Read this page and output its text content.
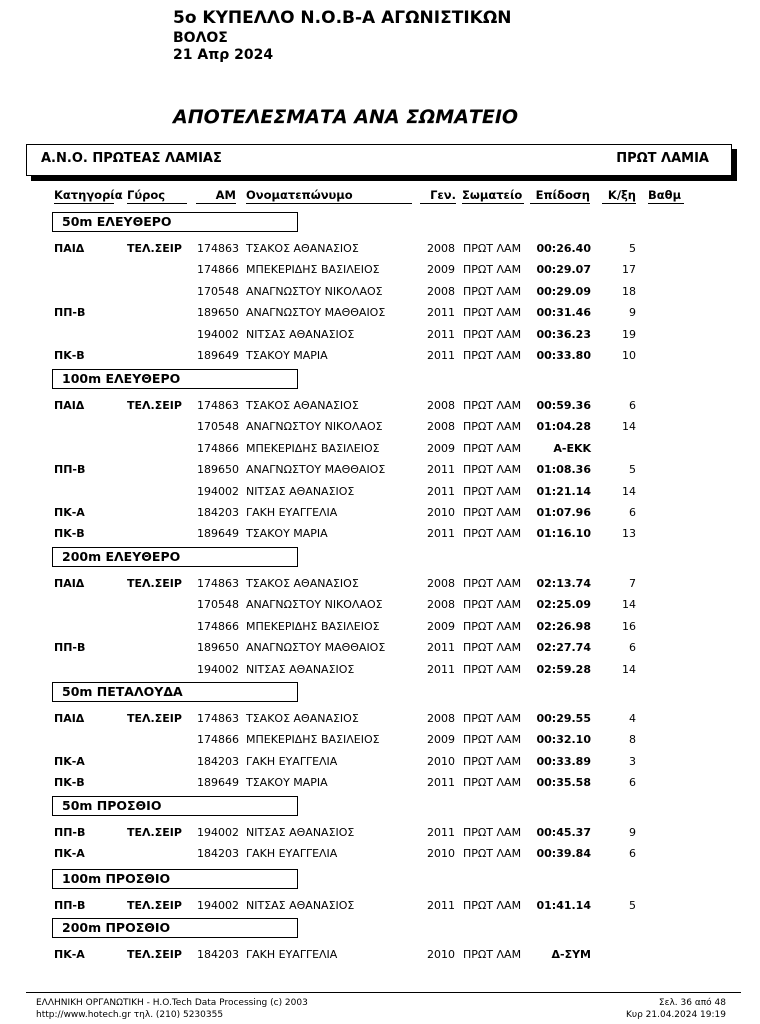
5ο ΚΥΠΕΛΛΟ Ν.Ο.Β-Α ΑΓΩΝΙΣΤΙΚΩΝ
ΒΟΛΟΣ
21 Απρ 2024
ΑΠΟΤΕΛΕΣΜΑΤΑ ΑΝΑ ΣΩΜΑΤΕΙΟ
Α.Ν.Ο. ΠΡΩΤΕΑΣ ΛΑΜΙΑΣ	ΠΡΩΤ ΛΑΜΙΑ
Κατηγορία Γύρος	ΑΜ Ονοματεπώνυμο	Γεν. Σωματείο	Επίδοση	Κ/ξη Βαθμ
50m ΕΛΕΥΘΕΡΟ
ΠΑΙΔ	ΤΕΛ.ΣΕΙΡ 174863 ΤΣΑΚΟΣ ΑΘΑΝΑΣΙΟΣ	2008 ΠΡΩΤ ΛΑΜ 00:26.40	5
174866 ΜΠΕΚΕΡΙΔΗΣ ΒΑΣΙΛΕΙΟΣ	2009 ΠΡΩΤ ΛΑΜ 00:29.07	17
170548 ΑΝΑΓΝΩΣΤΟΥ ΝΙΚΟΛΑΟΣ	2008 ΠΡΩΤ ΛΑΜ 00:29.09	18
ΠΠ-Β	189650 ΑΝΑΓΝΩΣΤΟΥ ΜΑΘΘΑΙΟΣ	2011 ΠΡΩΤ ΛΑΜ 00:31.46	9
194002 ΝΙΤΣΑΣ ΑΘΑΝΑΣΙΟΣ	2011 ΠΡΩΤ ΛΑΜ 00:36.23	19
ΠΚ-Β	189649 ΤΣΑΚΟΥ ΜΑΡΙΑ	2011 ΠΡΩΤ ΛΑΜ 00:33.80	10
100m ΕΛΕΥΘΕΡΟ
ΠΑΙΔ	ΤΕΛ.ΣΕΙΡ 174863 ΤΣΑΚΟΣ ΑΘΑΝΑΣΙΟΣ	2008 ΠΡΩΤ ΛΑΜ 00:59.36	6
170548 ΑΝΑΓΝΩΣΤΟΥ ΝΙΚΟΛΑΟΣ	2008 ΠΡΩΤ ΛΑΜ 01:04.28	14
174866 ΜΠΕΚΕΡΙΔΗΣ ΒΑΣΙΛΕΙΟΣ	2009 ΠΡΩΤ ΛΑΜ	Α-ΕΚΚ
ΠΠ-Β	189650 ΑΝΑΓΝΩΣΤΟΥ ΜΑΘΘΑΙΟΣ	2011 ΠΡΩΤ ΛΑΜ 01:08.36	5
194002 ΝΙΤΣΑΣ ΑΘΑΝΑΣΙΟΣ	2011 ΠΡΩΤ ΛΑΜ 01:21.14	14
ΠΚ-Α	184203 ΓΑΚΗ ΕΥΑΓΓΕΛΙΑ	2010 ΠΡΩΤ ΛΑΜ 01:07.96	6
ΠΚ-Β	189649 ΤΣΑΚΟΥ ΜΑΡΙΑ	2011 ΠΡΩΤ ΛΑΜ 01:16.10	13
200m ΕΛΕΥΘΕΡΟ
ΠΑΙΔ	ΤΕΛ.ΣΕΙΡ 174863 ΤΣΑΚΟΣ ΑΘΑΝΑΣΙΟΣ	2008 ΠΡΩΤ ΛΑΜ 02:13.74	7
170548 ΑΝΑΓΝΩΣΤΟΥ ΝΙΚΟΛΑΟΣ	2008 ΠΡΩΤ ΛΑΜ 02:25.09	14
174866 ΜΠΕΚΕΡΙΔΗΣ ΒΑΣΙΛΕΙΟΣ	2009 ΠΡΩΤ ΛΑΜ 02:26.98	16
ΠΠ-Β	189650 ΑΝΑΓΝΩΣΤΟΥ ΜΑΘΘΑΙΟΣ	2011 ΠΡΩΤ ΛΑΜ 02:27.74	6
194002 ΝΙΤΣΑΣ ΑΘΑΝΑΣΙΟΣ	2011 ΠΡΩΤ ΛΑΜ 02:59.28	14
50m ΠΕΤΑΛΟΥΔΑ
ΠΑΙΔ	ΤΕΛ.ΣΕΙΡ 174863 ΤΣΑΚΟΣ ΑΘΑΝΑΣΙΟΣ	2008 ΠΡΩΤ ΛΑΜ 00:29.55	4
174866 ΜΠΕΚΕΡΙΔΗΣ ΒΑΣΙΛΕΙΟΣ	2009 ΠΡΩΤ ΛΑΜ 00:32.10	8
ΠΚ-Α	184203 ΓΑΚΗ ΕΥΑΓΓΕΛΙΑ	2010 ΠΡΩΤ ΛΑΜ 00:33.89	3
ΠΚ-Β	189649 ΤΣΑΚΟΥ ΜΑΡΙΑ	2011 ΠΡΩΤ ΛΑΜ 00:35.58	6
50m ΠΡΟΣΘΙΟ
ΠΠ-Β	ΤΕΛ.ΣΕΙΡ 194002 ΝΙΤΣΑΣ ΑΘΑΝΑΣΙΟΣ	2011 ΠΡΩΤ ΛΑΜ 00:45.37	9
ΠΚ-Α	184203 ΓΑΚΗ ΕΥΑΓΓΕΛΙΑ	2010 ΠΡΩΤ ΛΑΜ 00:39.84	6
100m ΠΡΟΣΘΙΟ
ΠΠ-Β	ΤΕΛ.ΣΕΙΡ 194002 ΝΙΤΣΑΣ ΑΘΑΝΑΣΙΟΣ	2011 ΠΡΩΤ ΛΑΜ 01:41.14	5
200m ΠΡΟΣΘΙΟ
ΠΚ-Α	ΤΕΛ.ΣΕΙΡ 184203 ΓΑΚΗ ΕΥΑΓΓΕΛΙΑ	2010 ΠΡΩΤ ΛΑΜ	Δ-ΣΥΜ
ΕΛΛΗΝΙΚΗ ΟΡΓΑΝΩΤΙΚΗ - H.O.Tech Data Processing (c) 2003
http://www.hotech.gr τηλ. (210) 5230355
Σελ. 36 από 48
Κυρ 21.04.2024 19:19
